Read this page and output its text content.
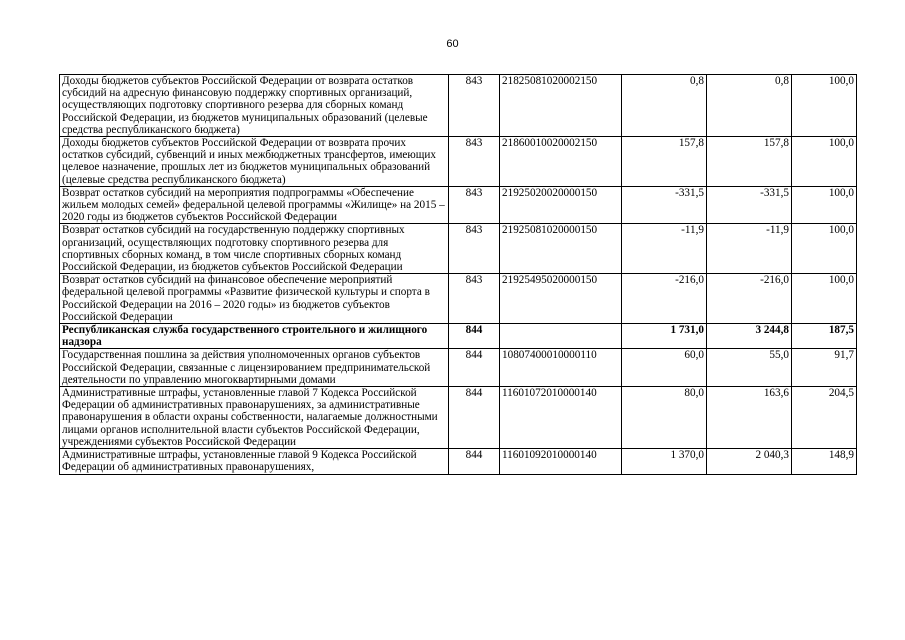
60
Доходы бюджетов субъектов Российской Федерации от возврата остатков субсидий на адресную финансовую поддержку спортивных организаций, осуществляющих подготовку спортивного резерва для сборных команд Российской Федерации, из бюджетов муниципальных образований (целевые средства республиканского бюджета)	843	21825081020002150	0,8	0,8	100,0
Доходы бюджетов субъектов Российской Федерации от возврата прочих остатков субсидий, субвенций и иных межбюджетных трансфертов, имеющих целевое назначение, прошлых лет из бюджетов муниципальных образований (целевые средства республиканского бюджета)	843	21860010020002150	157,8	157,8	100,0
Возврат остатков субсидий на мероприятия подпрограммы «Обеспечение жильем молодых семей» федеральной целевой программы «Жилище» на 2015 – 2020 годы из бюджетов субъектов Российской Федерации	843	21925020020000150	-331,5	-331,5	100,0
Возврат остатков субсидий на государственную поддержку спортивных организаций, осуществляющих подготовку спортивного резерва для спортивных сборных команд, в том числе спортивных сборных команд Российской Федерации, из бюджетов субъектов Российской Федерации	843	21925081020000150	-11,9	-11,9	100,0
Возврат остатков субсидий на финансовое обеспечение мероприятий федеральной целевой программы «Развитие физической культуры и спорта в Российской Федерации на 2016 – 2020 годы» из бюджетов субъектов Российской Федерации	843	21925495020000150	-216,0	-216,0	100,0
Республиканская служба государственного строительного и жилищного надзора	844		1 731,0	3 244,8	187,5
Государственная пошлина за действия уполномоченных органов субъектов Российской Федерации, связанные с лицензированием предпринимательской деятельности по управлению многоквартирными домами	844	10807400010000110	60,0	55,0	91,7
Административные штрафы, установленные главой 7 Кодекса Российской Федерации об административных правонарушениях, за административные правонарушения в области охраны собственности, налагаемые должностными лицами органов исполнительной власти субъектов Российской Федерации, учреждениями субъектов Российской Федерации	844	11601072010000140	80,0	163,6	204,5
Административные штрафы, установленные главой 9 Кодекса Российской Федерации об административных правонарушениях,	844	11601092010000140	1 370,0	2 040,3	148,9
